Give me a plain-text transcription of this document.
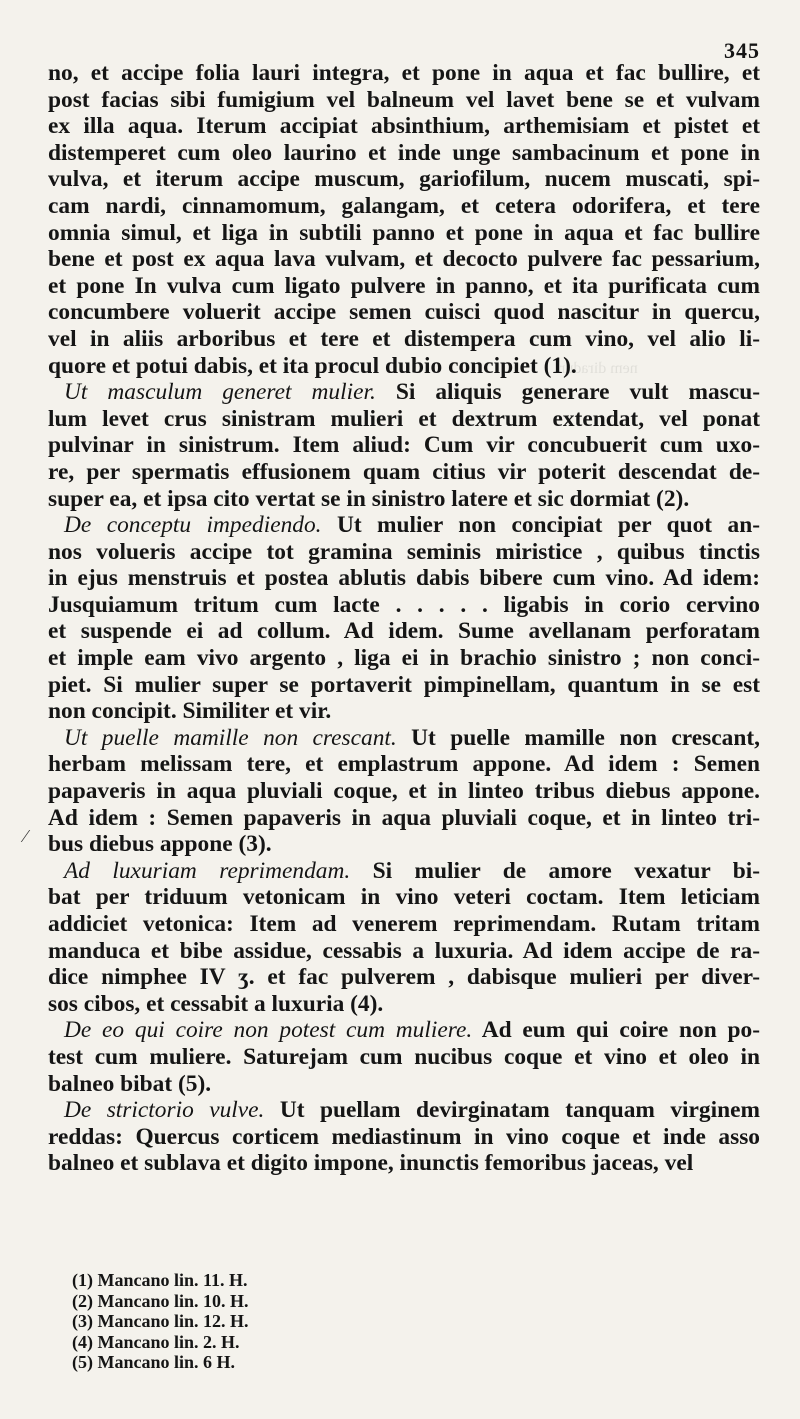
nem diradur
345
no, et accipe folia lauri integra, et pone in aqua et fac bullire, et
post facias sibi fumigium vel balneum vel lavet bene se et vulvam
ex illa aqua. Iterum accipiat absinthium, arthemisiam et pistet et
distemperet cum oleo laurino et inde unge sambacinum et pone in
vulva, et iterum accipe muscum, gariofilum, nucem muscati, spi-
cam nardi, cinnamomum, galangam, et cetera odorifera, et tere
omnia simul, et liga in subtili panno et pone in aqua et fac bullire
bene et post ex aqua lava vulvam, et decocto pulvere fac pessarium,
et pone In vulva cum ligato pulvere in panno, et ita purificata cum
concumbere voluerit accipe semen cuisci quod nascitur in quercu,
vel in aliis arboribus et tere et distempera cum vino, vel alio li-
quore et potui dabis, et ita procul dubio concipiet (1).
Ut masculum generet mulier. Si aliquis generare vult mascu-
lum levet crus sinistram mulieri et dextrum extendat, vel ponat
pulvinar in sinistrum. Item aliud: Cum vir concubuerit cum uxo-
re, per spermatis effusionem quam citius vir poterit descendat de-
super ea, et ipsa cito vertat se in sinistro latere et sic dormiat (2).
De conceptu impediendo. Ut mulier non concipiat per quot an-
nos volueris accipe tot gramina seminis miristice , quibus tinctis
in ejus menstruis et postea ablutis dabis bibere cum vino. Ad idem:
Jusquiamum tritum cum lacte . . . . . ligabis in corio cervino
et suspende ei ad collum. Ad idem. Sume avellanam perforatam
et imple eam vivo argento , liga ei in brachio sinistro ; non conci-
piet. Si mulier super se portaverit pimpinellam, quantum in se est
non concipit. Similiter et vir.
Ut puelle mamille non crescant. Ut puelle mamille non crescant,
herbam melissam tere, et emplastrum appone. Ad idem : Semen
papaveris in aqua pluviali coque, et in linteo tribus diebus appone.
Ad idem : Semen papaveris in aqua pluviali coque, et in linteo tri-
bus diebus appone (3).
Ad luxuriam reprimendam. Si mulier de amore vexatur bi-
bat per triduum vetonicam in vino veteri coctam. Item leticiam
addiciet vetonica: Item ad venerem reprimendam. Rutam tritam
manduca et bibe assidue, cessabis a luxuria. Ad idem accipe de ra-
dice nimphee IV ʒ. et fac pulverem , dabisque mulieri per diver-
sos cibos, et cessabit a luxuria (4).
De eo qui coire non potest cum muliere. Ad eum qui coire non po-
test cum muliere. Saturejam cum nucibus coque et vino et oleo in
balneo bibat (5).
De strictorio vulve. Ut puellam devirginatam tanquam virginem
reddas: Quercus corticem mediastinum in vino coque et inde asso
balneo et sublava et digito impone, inunctis femoribus jaceas, vel
⁄
(1) Mancano lin. 11. H.
(2) Mancano lin. 10. H.
(3) Mancano lin. 12. H.
(4) Mancano lin. 2. H.
(5) Mancano lin. 6 H.
